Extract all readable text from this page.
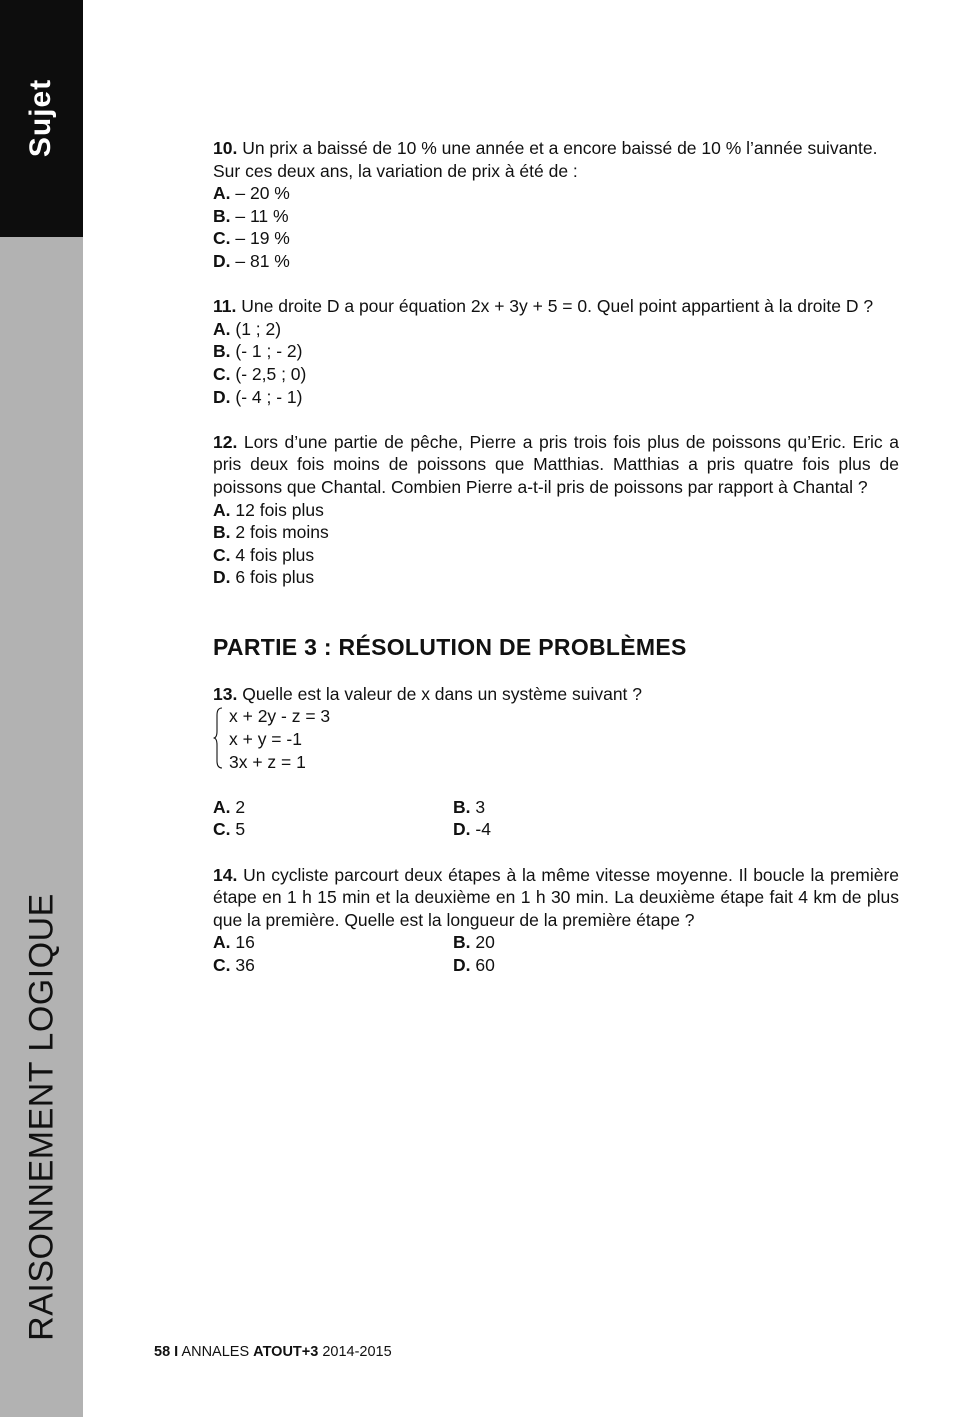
Sujet
RAISONNEMENT LOGIQUE

10. Un prix a baissé de 10 % une année et a encore baissé de 10 % l’année suivante. Sur ces deux ans, la variation de prix à été de :

A. – 20 %

B. – 11 %

C. – 19 %

D. – 81 %

11. Une droite D a pour équation 2x + 3y + 5 = 0. Quel point appartient à la droite D ?

A. (1 ; 2)

B. (- 1 ; - 2)

C. (- 2,5 ; 0)

D. (- 4 ; - 1)

12. Lors d’une partie de pêche, Pierre a pris trois fois plus de poissons qu’Eric. Eric a pris deux fois moins de poissons que Matthias. Matthias a pris quatre fois plus de poissons que Chantal. Combien Pierre a-t-il pris de poissons par rapport à Chantal ?

A. 12 fois plus

B. 2 fois moins

C. 4 fois plus

D. 6 fois plus

PARTIE 3 : RÉSOLUTION DE PROBLÈMES

13. Quelle est la valeur de x dans un système suivant ?

x + 2y - z = 3

x + y = -1

3x + z = 1

A. 2	B. 3

C. 5	D. -4

14. Un cycliste parcourt deux étapes à la même vitesse moyenne. Il boucle la première étape en 1 h 15 min et la deuxième en 1 h 30 min. La deuxième étape fait 4 km de plus que la première. Quelle est la longueur de la première étape ?

A. 16	B. 20

C. 36	D. 60

58 I ANNALES ATOUT+3 2014-2015
